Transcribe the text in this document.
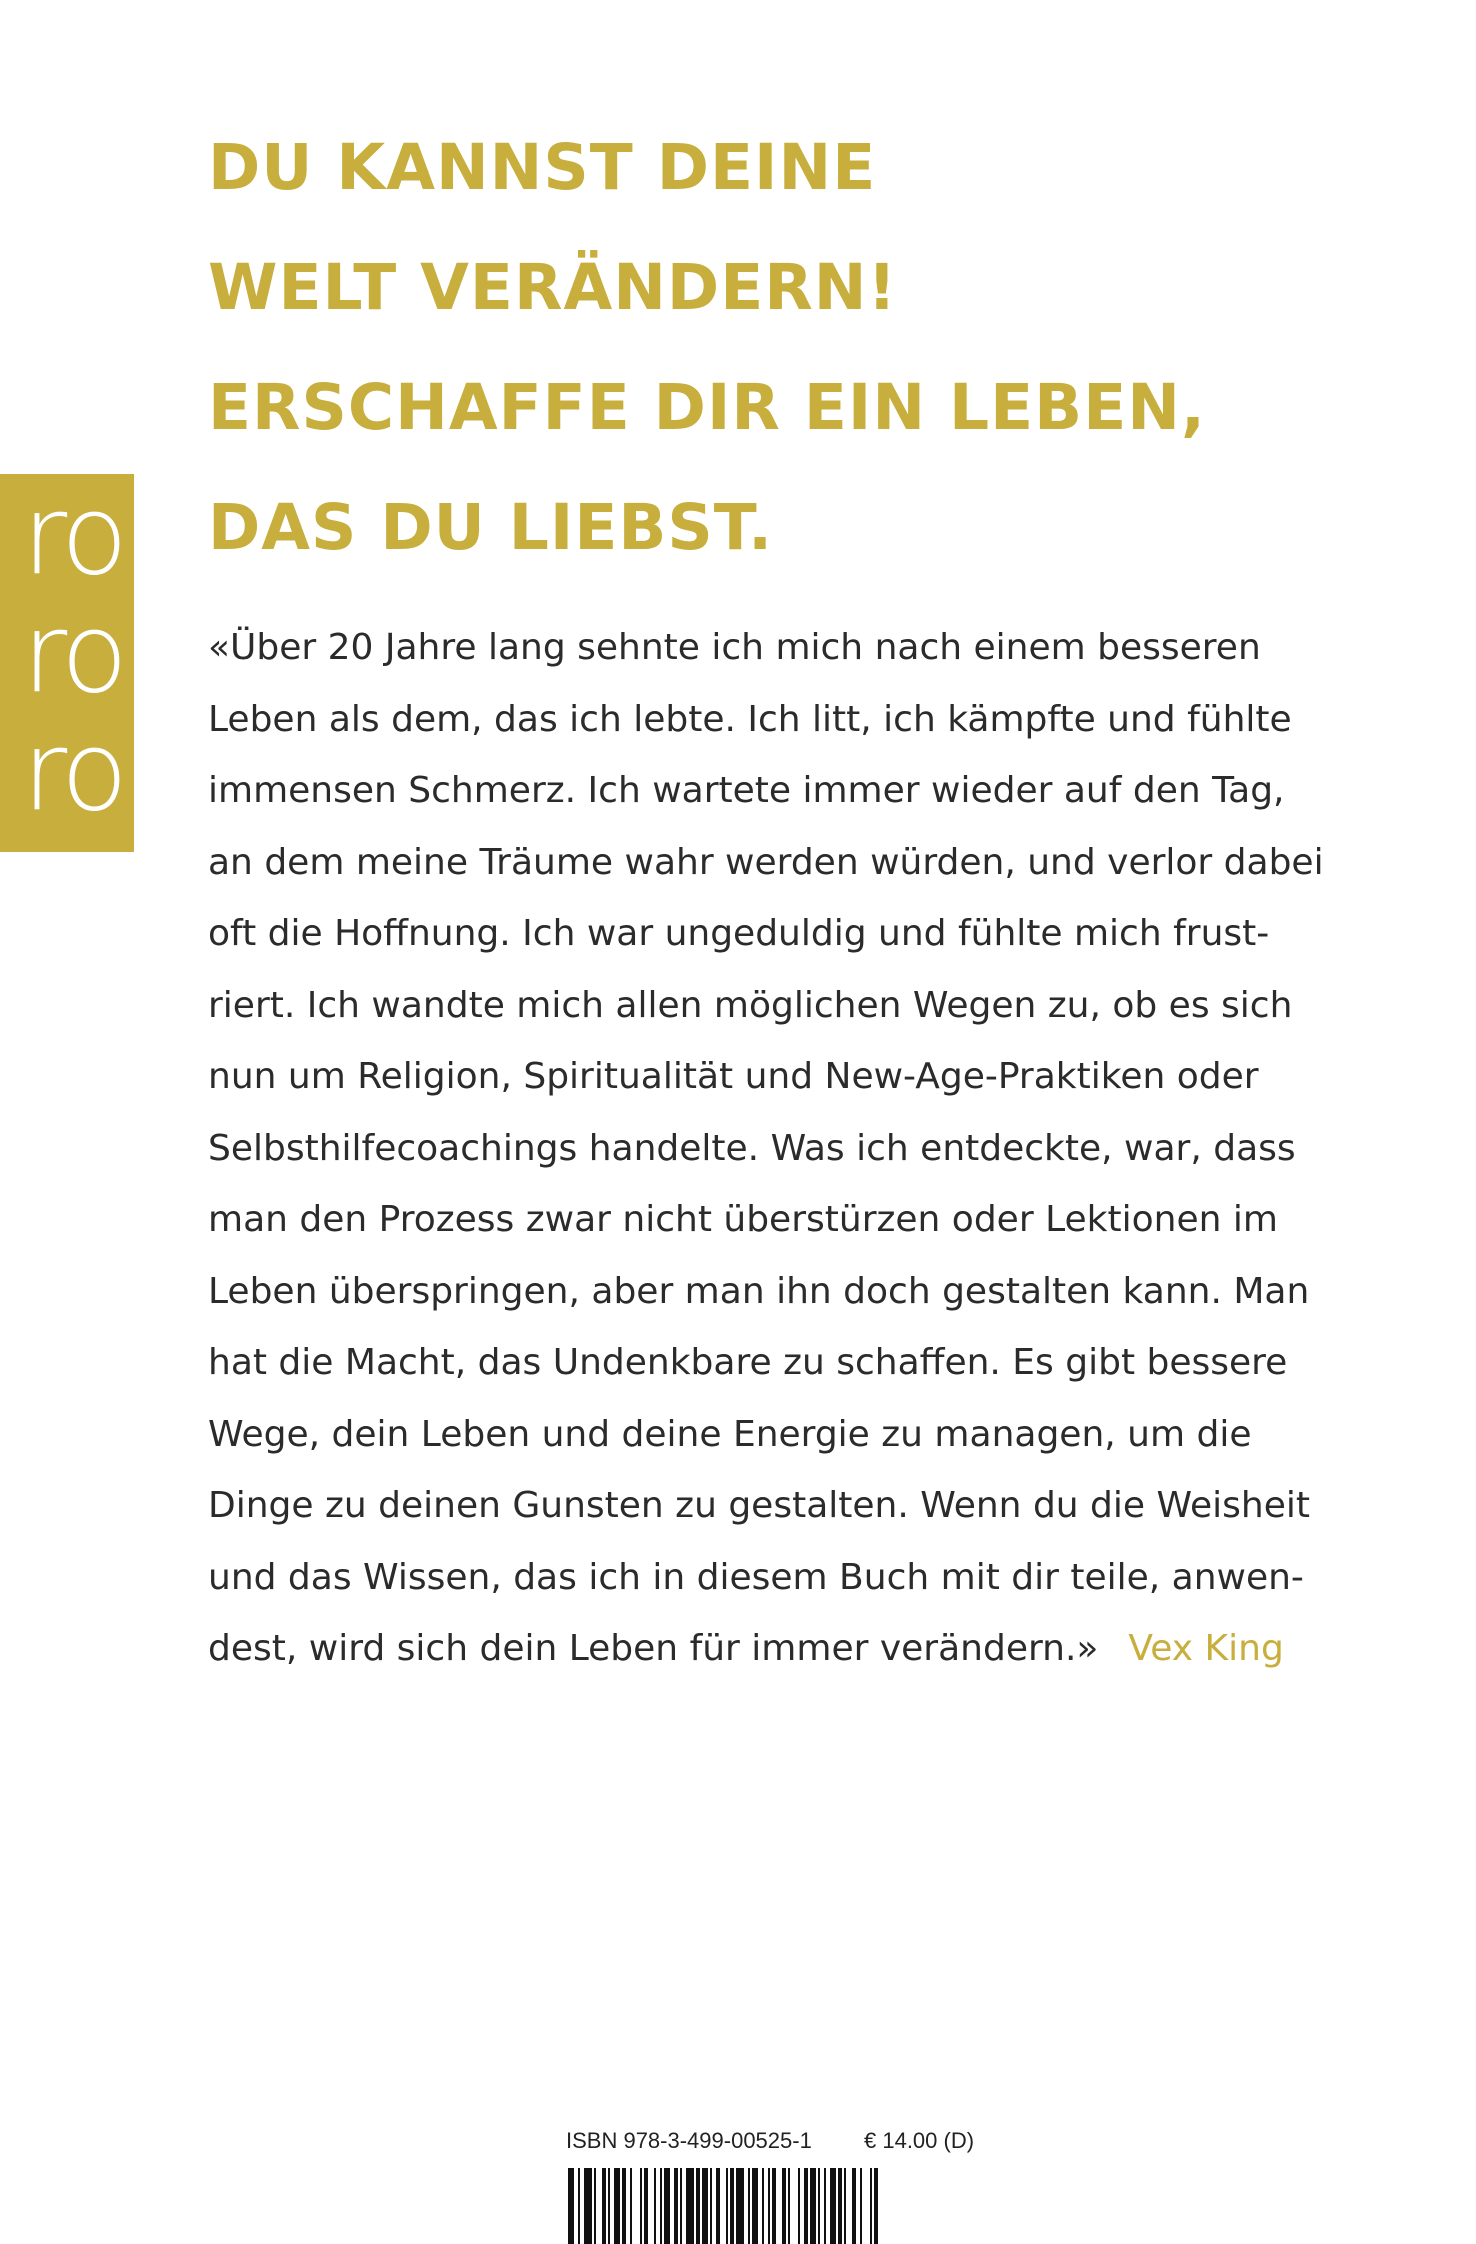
ro
ro
ro
DU KANNST DEINE
WELT VERÄNDERN!
ERSCHAFFE DIR EIN LEBEN,
DAS DU LIEBST.

«Über 20 Jahre lang sehnte ich mich nach einem besseren
Leben als dem, das ich lebte. Ich litt, ich kämpfte und fühlte
immensen Schmerz. Ich wartete immer wieder auf den Tag,
an dem meine Träume wahr werden würden, und verlor dabei
oft die Hoffnung. Ich war ungeduldig und fühlte mich frust-
riert. Ich wandte mich allen möglichen Wegen zu, ob es sich
nun um Religion, Spiritualität und New-Age-Praktiken oder
Selbsthilfecoachings handelte. Was ich entdeckte, war, dass
man den Prozess zwar nicht überstürzen oder Lektionen im
Leben überspringen, aber man ihn doch gestalten kann. Man
hat die Macht, das Undenkbare zu schaffen. Es gibt bessere
Wege, dein Leben und deine Energie zu managen, um die
Dinge zu deinen Gunsten zu gestalten. Wenn du die Weisheit
und das Wissen, das ich in diesem Buch mit dir teile, anwen-
dest, wird sich dein Leben für immer verändern.» Vex King

ISBN 978-3-499-00525-1 € 14.00 (D)
